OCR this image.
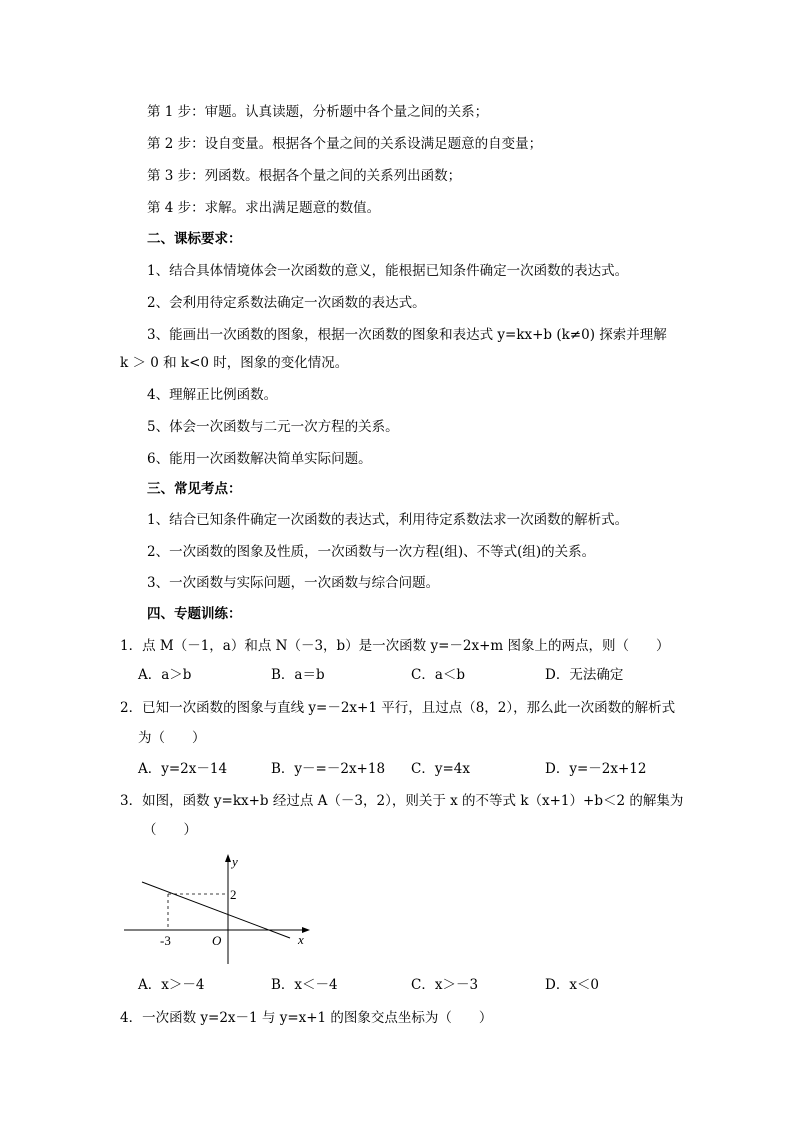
第 1 步：审题。认真读题，分析题中各个量之间的关系；
第 2 步：设自变量。根据各个量之间的关系设满足题意的自变量；
第 3 步：列函数。根据各个量之间的关系列出函数；
第 4 步：求解。求出满足题意的数值。
二、课标要求：
1、结合具体情境体会一次函数的意义，能根据已知条件确定一次函数的表达式。
2、会利用待定系数法确定一次函数的表达式。
3、能画出一次函数的图象，根据一次函数的图象和表达式 y=kx+b (k≠0) 探索并理解
k ＞ 0 和 k<0 时，图象的变化情况。
4、理解正比例函数。
5、体会一次函数与二元一次方程的关系。
6、能用一次函数解决简单实际问题。
三、常见考点：
1、结合已知条件确定一次函数的表达式，利用待定系数法求一次函数的解析式。
2、一次函数的图象及性质，一次函数与一次方程(组)、不等式(组)的关系。
3、一次函数与实际问题，一次函数与综合问题。
四、专题训练：
1．点 M（－1，a）和点 N（－3，b）是一次函数 y=－2x+m 图象上的两点，则（　　）
A．a＞b	B．a＝b	C．a＜b	D．无法确定
2．已知一次函数的图象与直线 y=－2x+1 平行，且过点（8，2），那么此一次函数的解析式
为（　　）
A．y=2x－14	B．y－=－2x+18 C．y=4x	D．y=－2x+12
3．如图，函数 y=kx+b 经过点 A（－3，2），则关于 x 的不等式 k（x+1）+b＜2 的解集为
（　　）
y
x
O
2
-3
A．x＞－4	B．x＜－4	C．x＞－3	D．x＜0
4．一次函数 y=2x－1 与 y=x+1 的图象交点坐标为（　　）
